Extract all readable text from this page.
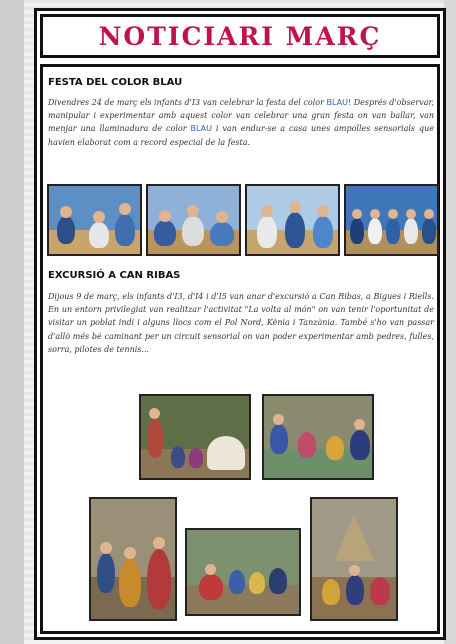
NOTICIARI MARÇ
FESTA DEL COLOR BLAU
Divendres 24 de març els infants d'I3 van celebrar la festa del color BLAU! Després d'observar, manipular i experimentar amb aquest color van celebrar una gran festa on van ballar, van menjar una llaminadura de color BLAU i van endur-se a casa unes ampolles sensorials que havien elaborat com a record especial de la festa.
EXCURSIÓ A CAN RIBAS
Dijous 9 de març, els infants d'I3, d'I4 i d'I5 van anar d'excursió a Can Ribas, a Bigues i Riells. En un entorn privilegiat van realitzar l'activitat "La volta al món" on van tenir l'oportunitat de visitar un poblat indi i alguns llocs com el Pol Nord, Kènia i Tanzània. També s'ho van passar d'allò més bé caminant per un circuit sensorial on van poder experimentar amb pedres, fulles, sorra, pilotes de tennis...
